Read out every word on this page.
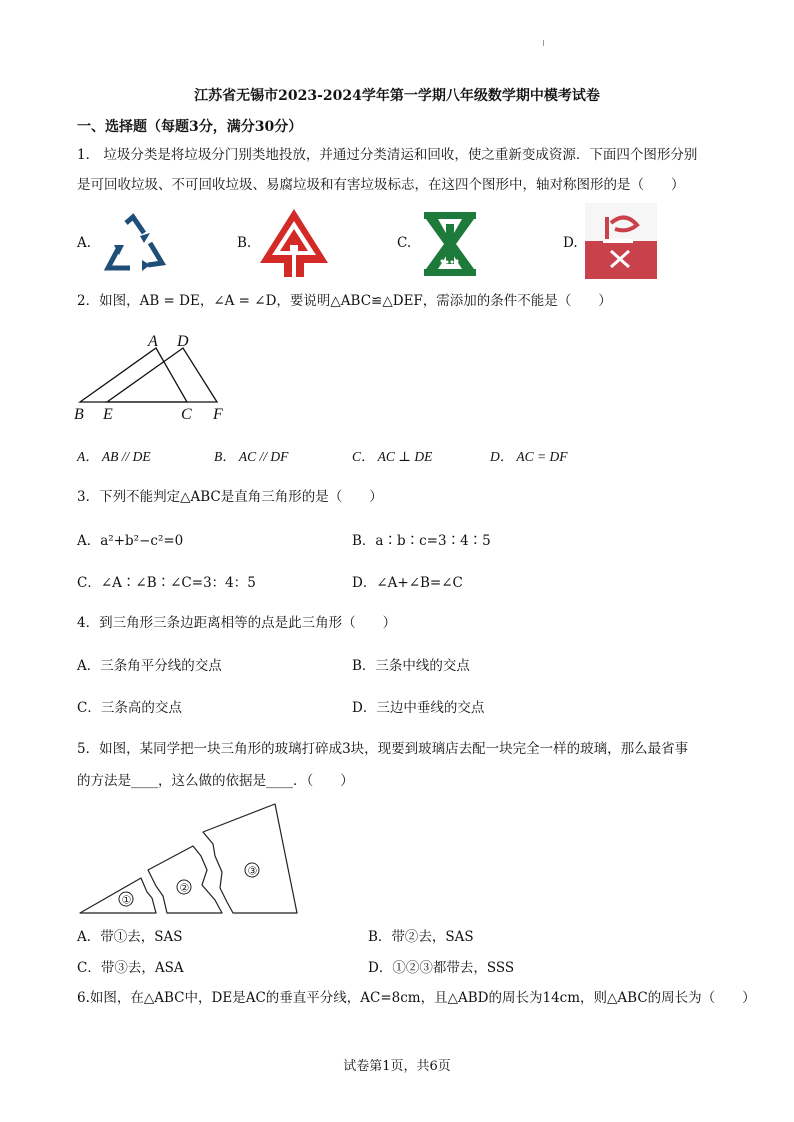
江苏省无锡市2023-2024学年第一学期八年级数学期中模考试卷
一、选择题（每题3分，满分30分）
1． 垃圾分类是将垃圾分门别类地投放，并通过分类清运和回收，使之重新变成资源．下面四个图形分别
是可回收垃圾、不可回收垃圾、易腐垃圾和有害垃圾标志，在这四个图形中，轴对称图形的是（　　）
A.	B.	C.	D.
2．如图，AB = DE，∠A = ∠D，要说明△ABC≌△DEF，需添加的条件不能是（　　）
A D
B E	C F
A． AB // DE	B． AC // DF	C． AC ⊥ DE	D． AC = DF
3．下列不能判定△ABC是直角三角形的是（　　）
A．a²+b²−c²=0	B．a∶b∶c=3∶4∶5
C．∠A∶∠B∶∠C=3：4：5	D．∠A+∠B=∠C
4．到三角形三条边距离相等的点是此三角形（　　）
A．三条角平分线的交点	B．三条中线的交点
C．三条高的交点	D．三边中垂线的交点
5．如图，某同学把一块三角形的玻璃打碎成3块，现要到玻璃店去配一块完全一样的玻璃，那么最省事
的方法是____，这么做的依据是____．（　　）
①
②
③
A．带①去，SAS	B．带②去，SAS
C．带③去，ASA	D．①②③都带去，SSS
6.如图，在△ABC中，DE是AC的垂直平分线，AC=8cm，且△ABD的周长为14cm，则△ABC的周长为（　　）
试卷第1页，共6页
